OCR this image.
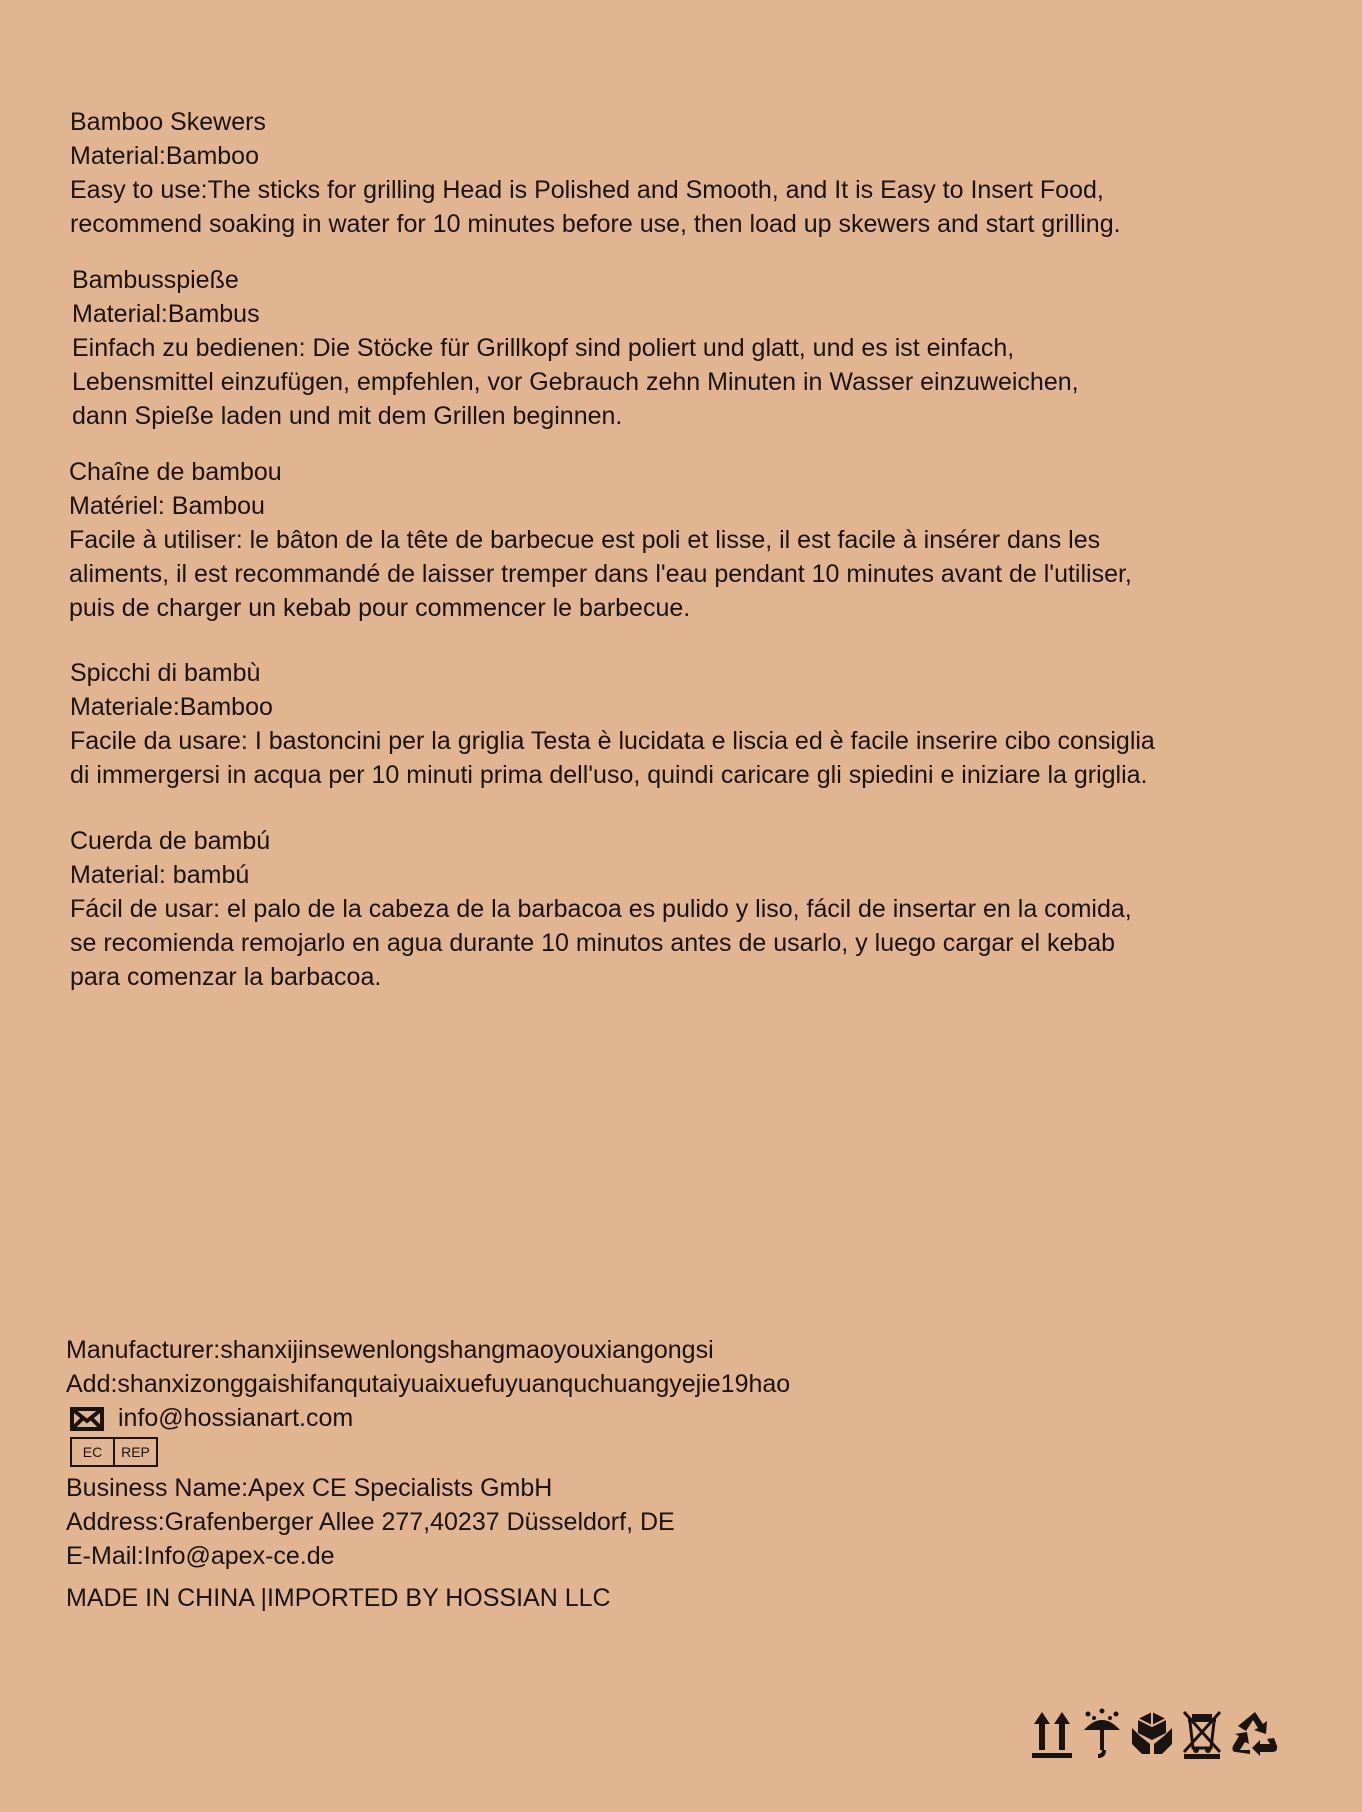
Bamboo Skewers

Material:Bamboo

Easy to use:The sticks for grilling Head is Polished and Smooth, and It is Easy to Insert Food,

recommend soaking in water for 10 minutes before use, then load up skewers and start grilling.

Bambusspieße

Material:Bambus

Einfach zu bedienen: Die Stöcke für Grillkopf sind poliert und glatt, und es ist einfach,

Lebensmittel einzufügen, empfehlen, vor Gebrauch zehn Minuten in Wasser einzuweichen,

dann Spieße laden und mit dem Grillen beginnen.

Chaîne de bambou

Matériel: Bambou

Facile à utiliser: le bâton de la tête de barbecue est poli et lisse, il est facile à insérer dans les

aliments, il est recommandé de laisser tremper dans l'eau pendant 10 minutes avant de l'utiliser,

puis de charger un kebab pour commencer le barbecue.

Spicchi di bambù

Materiale:Bamboo

Facile da usare: I bastoncini per la griglia Testa è lucidata e liscia ed è facile inserire cibo consiglia

di immergersi in acqua per 10 minuti prima dell'uso, quindi caricare gli spiedini e iniziare la griglia.

Cuerda de bambú

Material: bambú

Fácil de usar: el palo de la cabeza de la barbacoa es pulido y liso, fácil de insertar en la comida,

se recomienda remojarlo en agua durante 10 minutos antes de usarlo, y luego cargar el kebab

para comenzar la barbacoa.

Manufacturer:shanxijinsewenlongshangmaoyouxiangongsi

Add:shanxizonggaishifanqutaiyuaixuefuyuanquchuangyejie19hao

info@hossianart.com

EC	REP

Business Name:Apex CE Specialists GmbH

Address:Grafenberger Allee 277,40237 Düsseldorf, DE

E-Mail:Info@apex-ce.de

MADE IN CHINA |IMPORTED BY HOSSIAN LLC
